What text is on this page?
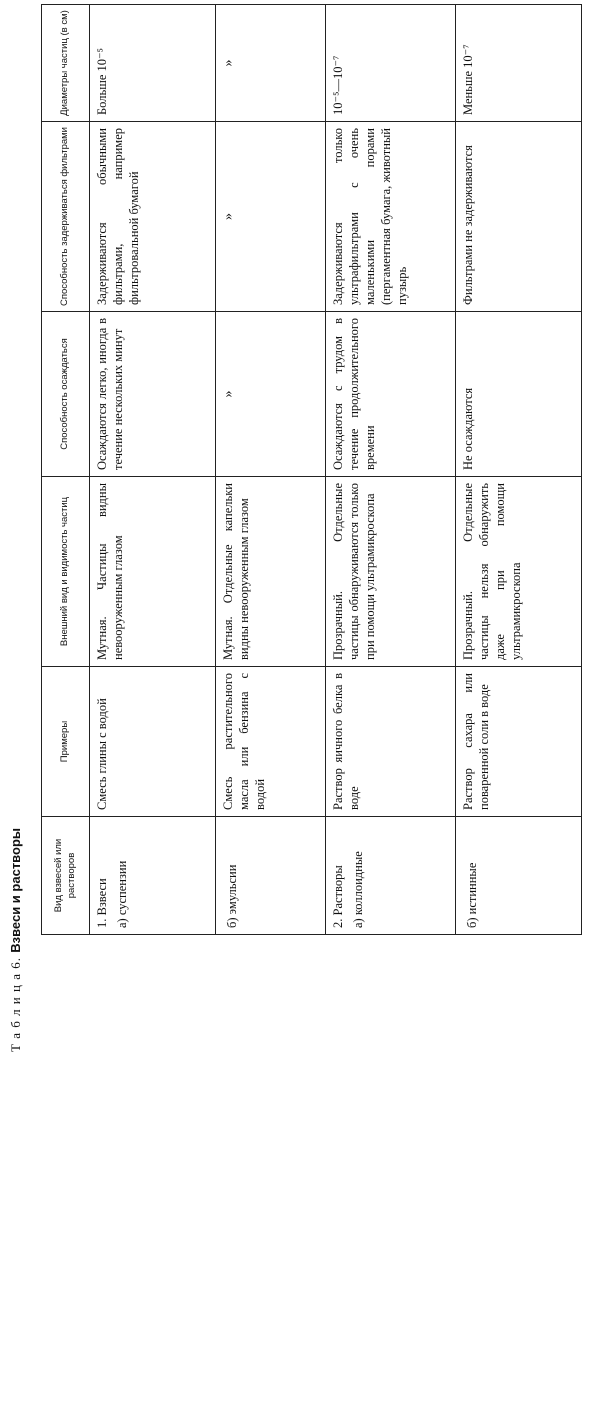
Т а б л и ц а 6. Взвеси и растворы	Вид взвесей или растворов	Примеры	Внешний вид и видимость частиц	Способность осаждаться	Способность задерживаться фильтрами	Диаметры частиц (в см)

1. Взвеси а) суспензии	Смесь глины с водой	Мутная. Частицы видны невооруженным глазом	Осаждаются легко, иногда в течение нескольких минут	Задерживаются обычными фильтрами, например фильтровальной бумагой	Больше 10⁻⁵

б) эмульсии	Смесь растительного масла или бензина с водой	Мутная. Отдельные капельки видны невооруженным глазом	»	»	»

2. Растворы а) коллоидные	Раствор яичного белка в воде	Прозрачный. Отдельные частицы обнаруживаются только при помощи ультрамикроскопа	Осаждаются с трудом в течение продолжительного времени	Задерживаются только ультрафильтрами с очень маленькими порами (пергаментная бумага, животный пузырь	10⁻⁵—10⁻⁷

б) истинные	Раствор сахара или поваренной соли в воде	Прозрачный. Отдельные частицы нельзя обнаружить даже при помощи ультрамикроскопа	Не осаждаются	Фильтрами не задерживаются	Меньше 10⁻⁷
